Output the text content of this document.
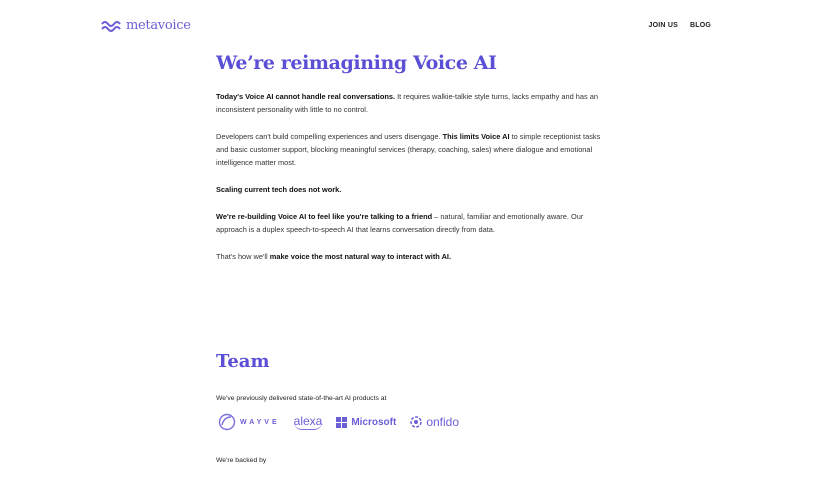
metavoice	JOIN US BLOG
We’re reimagining Voice AI

Today's Voice AI cannot handle real conversations. It requires walkie-talkie style turns, lacks empathy and has an inconsistent personality with little to no control.

Developers can't build compelling experiences and users disengage. This limits Voice AI to simple receptionist tasks and basic customer support, blocking meaningful services (therapy, coaching, sales) where dialogue and emotional intelligence matter most.

Scaling current tech does not work.

We're re-building Voice AI to feel like you're talking to a friend – natural, familiar and emotionally aware. Our approach is a duplex speech-to-speech AI that learns conversation directly from data.

That's how we'll make voice the most natural way to interact with AI.

Team
We've previously delivered state-of-the-art AI products at
WAYVE alexa	Microsoft	onfido
We're backed by
